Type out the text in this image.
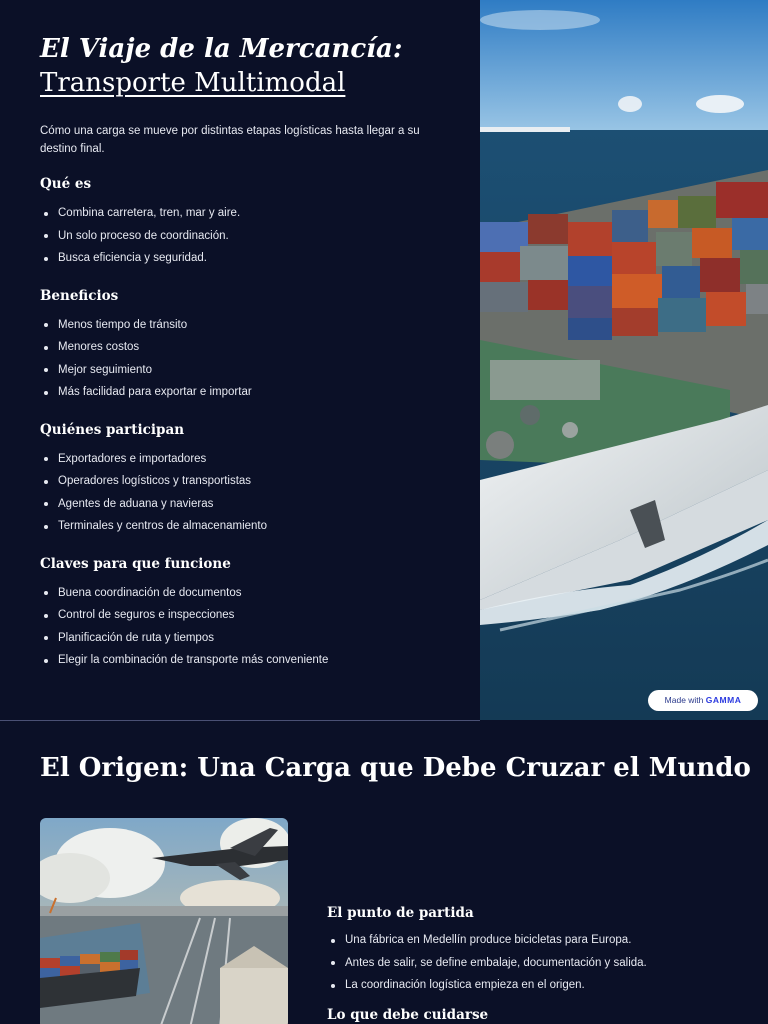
El Viaje de la Mercancía:
Transporte Multimodal

Cómo una carga se mueve por distintas etapas logísticas hasta llegar a su destino final.

Qué es
Combina carretera, tren, mar y aire.
Un solo proceso de coordinación.
Busca eficiencia y seguridad.
Beneficios
Menos tiempo de tránsito
Menores costos
Mejor seguimiento
Más facilidad para exportar e importar
Quiénes participan
Exportadores e importadores
Operadores logísticos y transportistas
Agentes de aduana y navieras
Terminales y centros de almacenamiento
Claves para que funcione
Buena coordinación de documentos
Control de seguros e inspecciones
Planificación de ruta y tiempos
Elegir la combinación de transporte más conveniente
Made with GAMMA
El Origen: Una Carga que Debe Cruzar el Mundo
El punto de partida
Una fábrica en Medellín produce bicicletas para Europa.
Antes de salir, se define embalaje, documentación y salida.
La coordinación logística empieza en el origen.
Lo que debe cuidarse
